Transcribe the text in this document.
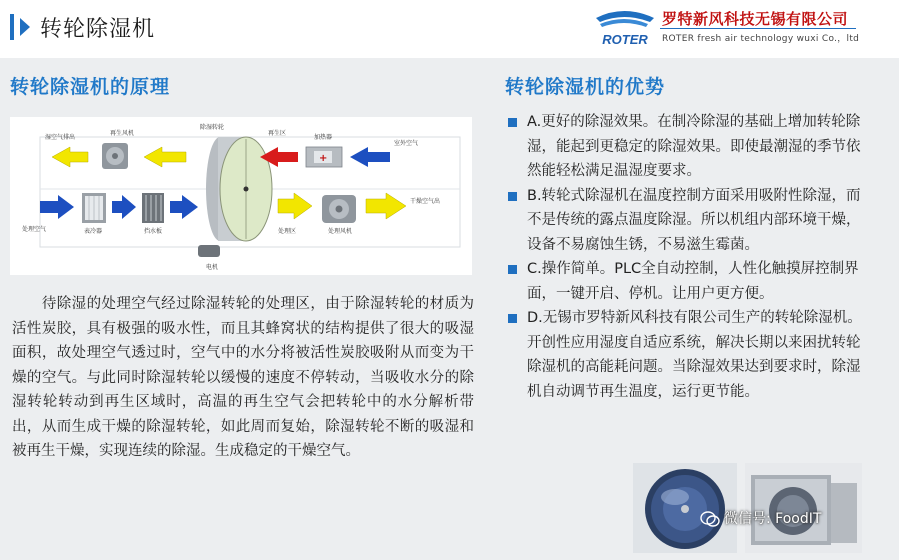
转轮除湿机	ROTER
罗特新风科技无锡有限公司
ROTER fresh air technology wuxi Co.，ltd
转轮除湿机的原理
湿空气排出
再生风机
除湿转轮
再生区
+
加热器
室外空气
处理空气	表冷器	挡水板	处理区	处理风机
干燥空气出
电机

　　待除湿的处理空气经过除湿转轮的处理区，由于除湿转轮的材质为活性炭胶，具有极强的吸水性，而且其蜂窝状的结构提供了很大的吸湿面积，故处理空气透过时，空气中的水分将被活性炭胶吸附从而变为干燥的空气。与此同时除湿转轮以缓慢的速度不停转动，当吸收水分的除湿转轮转动到再生区域时，高温的再生空气会把转轮中的水分解析带出，从而生成干燥的除湿转轮，如此周而复始，除湿转轮不断的吸湿和被再生干燥，实现连续的除湿。生成稳定的干燥空气。

转轮除湿机的优势
A.更好的除湿效果。在制冷除湿的基础上增加转轮除湿，能起到更稳定的除湿效果。即使最潮湿的季节依然能轻松满足温湿度要求。
B.转轮式除湿机在温度控制方面采用吸附性除湿，而不是传统的露点温度除湿。所以机组内部环境干燥，设备不易腐蚀生锈，不易滋生霉菌。
C.操作简单。PLC全自动控制，人性化触摸屏控制界面，一键开启、停机。让用户更方便。
D.无锡市罗特新风科技有限公司生产的转轮除湿机。开创性应用湿度自适应系统，解决长期以来困扰转轮除湿机的高能耗问题。当除湿效果达到要求时，除湿机自动调节再生温度，运行更节能。
微信号: FoodIT
